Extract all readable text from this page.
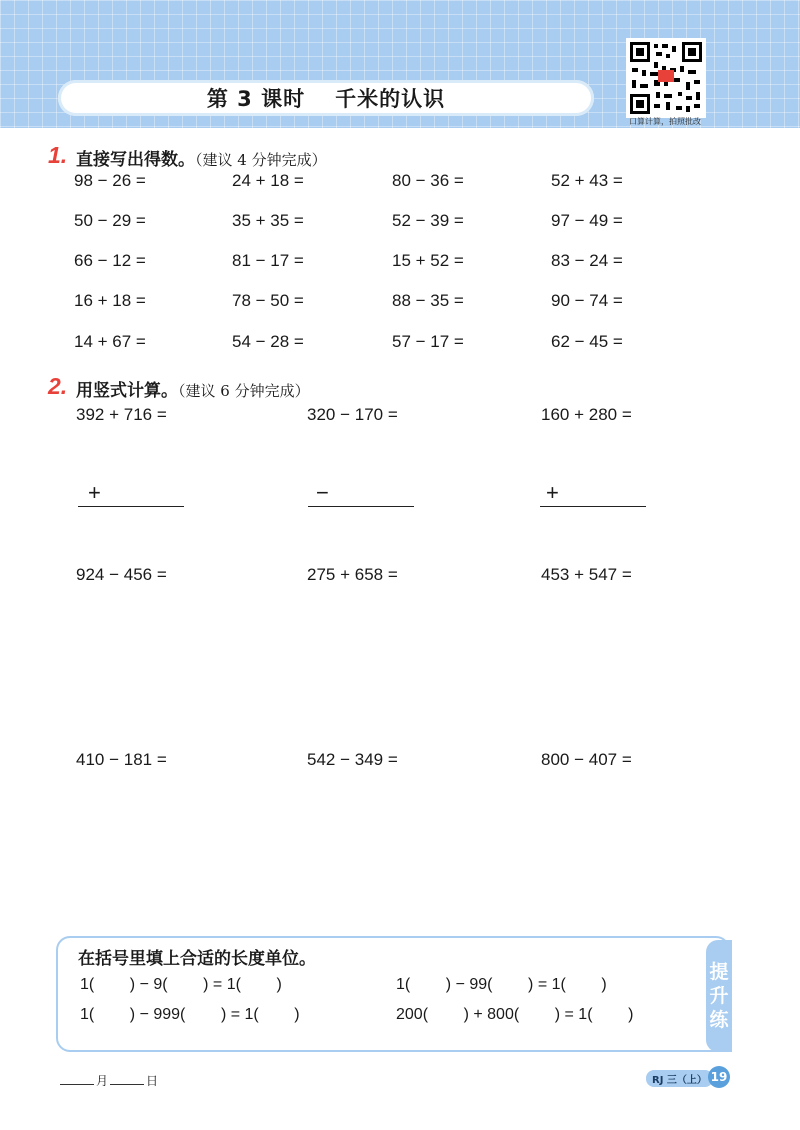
第 3 课时 千米的认识
口算计算，拍照批改
1. 直接写出得数。（建议 4 分钟完成）
98 − 26 =	24 + 18 =	80 − 36 =	52 + 43 =
50 − 29 =	35 + 35 =	52 − 39 =	97 − 49 =
66 − 12 =	81 − 17 =	15 + 52 =	83 − 24 =
16 + 18 =	78 − 50 =	88 − 35 =	90 − 74 =
14 + 67 =	54 − 28 =	57 − 17 =	62 − 45 =
2. 用竖式计算。（建议 6 分钟完成）
392 + 716 =	320 − 170 =	160 + 280 =
+	−	+
924 − 456 =	275 + 658 =	453 + 547 =
410 − 181 =	542 − 349 =	800 − 407 =
在括号里填上合适的长度单位。
1(        ) − 9(        ) = 1(        )	1(        ) − 99(        ) = 1(        )
1(        ) − 999(        ) = 1(        )	200(        ) + 800(        ) = 1(        )
提
升
练
月	日	RJ 三（上） 19
